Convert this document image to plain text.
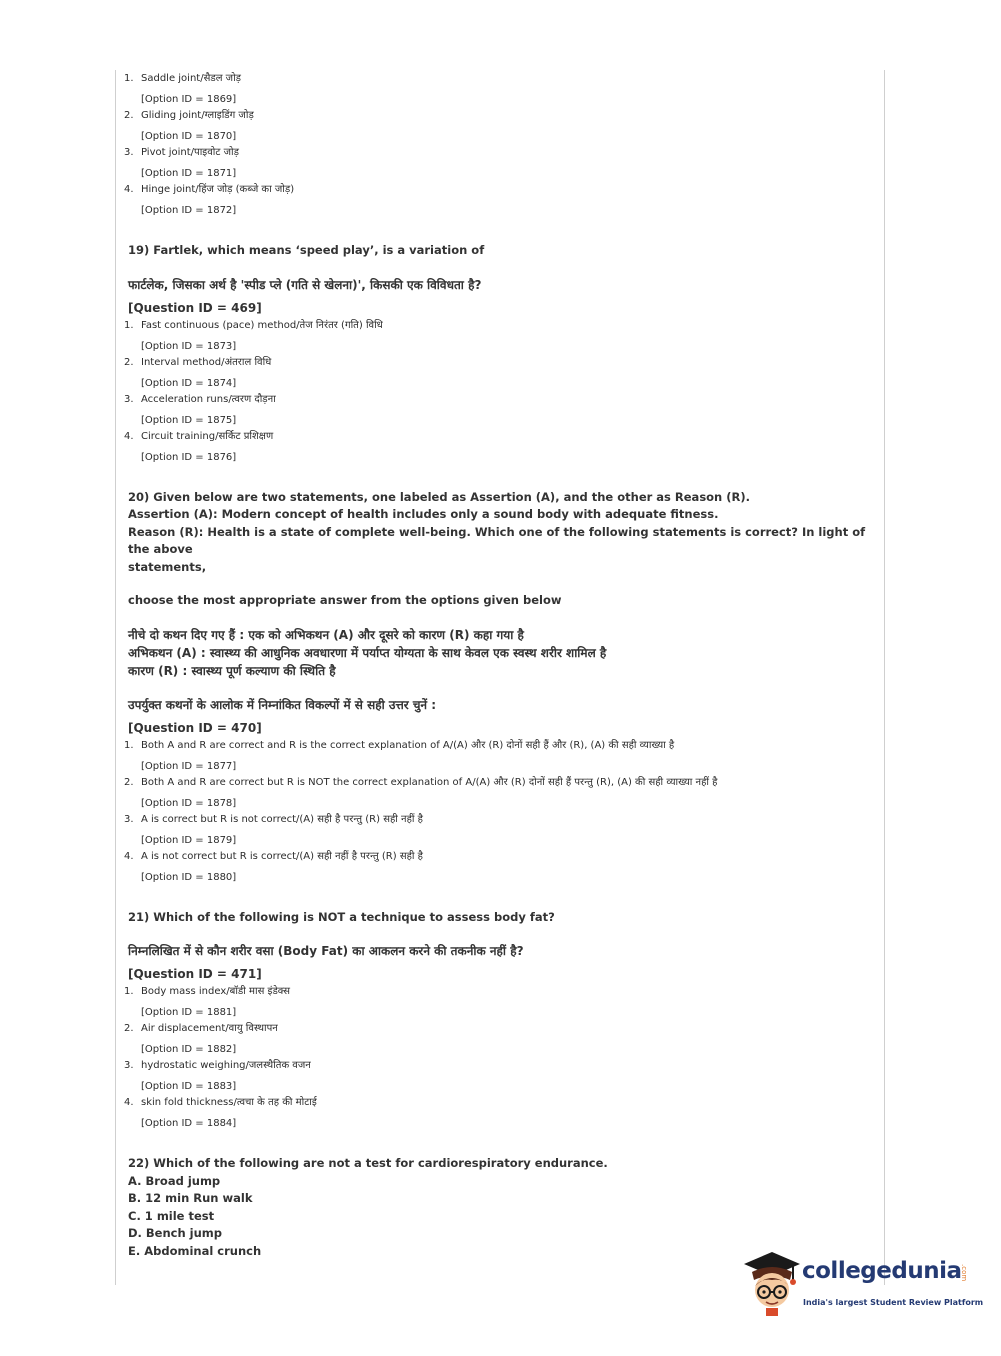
1. Saddle joint/सैडल जोड़
[Option ID = 1869]
2. Gliding joint/ग्लाइडिंग जोड़
[Option ID = 1870]
3. Pivot joint/पाइवोट जोड़
[Option ID = 1871]
4. Hinge joint/हिंज जोड़ (कब्जे का जोड़)
[Option ID = 1872]
19) Fartlek, which means ‘speed play’, is a variation of
फार्टलेक, जिसका अर्थ है 'स्पीड प्ले (गति से खेलना)', किसकी एक विविधता है?
[Question ID = 469]
1. Fast continuous (pace) method/तेज निरंतर (गति) विधि
[Option ID = 1873]
2. Interval method/अंतराल विधि
[Option ID = 1874]
3. Acceleration runs/त्वरण दौड़ना
[Option ID = 1875]
4. Circuit training/सर्किट प्रशिक्षण
[Option ID = 1876]
20) Given below are two statements, one labeled as Assertion (A), and the other as Reason (R).
Assertion (A): Modern concept of health includes only a sound body with adequate fitness.
Reason (R): Health is a state of complete well-being. Which one of the following statements is correct? In light of the above
statements,
choose the most appropriate answer from the options given below
नीचे दो कथन दिए गए हैं : एक को अभिकथन (A) और दूसरे को कारण (R) कहा गया है
अभिकथन (A) : स्वास्थ्य की आधुनिक अवधारणा में पर्याप्त योग्यता के साथ केवल एक स्वस्थ शरीर शामिल है
कारण (R) : स्वास्थ्य पूर्ण कल्याण की स्थिति है
उपर्युक्त कथनों के आलोक में निम्नांकित विकल्पों में से सही उत्तर चुनें :
[Question ID = 470]
1. Both A and R are correct and R is the correct explanation of A/(A) और (R) दोनों सही हैं और (R), (A) की सही व्याख्या है
[Option ID = 1877]
2. Both A and R are correct but R is NOT the correct explanation of A/(A) और (R) दोनों सही हैं परन्तु (R), (A) की सही व्याख्या नहीं है
[Option ID = 1878]
3. A is correct but R is not correct/(A) सही है परन्तु (R) सही नहीं है
[Option ID = 1879]
4. A is not correct but R is correct/(A) सही नहीं है परन्तु (R) सही है
[Option ID = 1880]
21) Which of the following is NOT a technique to assess body fat?
निम्नलिखित में से कौन शरीर वसा (Body Fat) का आकलन करने की तकनीक नहीं है?
[Question ID = 471]
1. Body mass index/बॉडी मास इंडेक्स
[Option ID = 1881]
2. Air displacement/वायु विस्थापन
[Option ID = 1882]
3. hydrostatic weighing/जलस्थैतिक वजन
[Option ID = 1883]
4. skin fold thickness/त्वचा के तह की मोटाई
[Option ID = 1884]
22) Which of the following are not a test for cardiorespiratory endurance.
A. Broad jump
B. 12 min Run walk
C. 1 mile test
D. Bench jump
E. Abdominal crunch
collegedunia
.com
India's largest Student Review Platform
